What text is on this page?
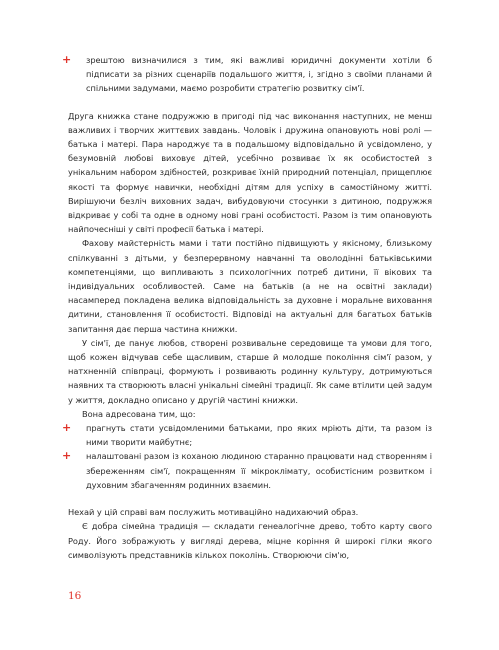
+ зрештою визначилися з тим, які важливі юридичні документи хотіли б підписати за різних сценаріїв подальшого життя, і, згідно з своїми планами й спільними задумами, маємо розробити стратегію розвитку сім'ї.

Друга книжка стане подружжю в пригоді під час виконання наступних, не менш важливих і творчих життєвих завдань. Чоловік і дружина опановують нові ролі — батька і матері. Пара народжує та в подальшому відповідально й усвідомлено, у безумовній любові виховує дітей, усебічно розвиває їх як особистостей з унікальним набором здібностей, розкриває їхній природний потенціал, прищеплює якості та формує навички, необхідні дітям для успіху в самостійному житті. Вирішуючи безліч виховних задач, вибудовуючи стосунки з дитиною, подружжя відкриває у собі та одне в одному нові грані особистості. Разом із тим опановують найпочесніші у світі професії батька і матері.

Фахову майстерність мами і тати постійно підвищують у якісному, близькому спілкуванні з дітьми, у безперервному навчанні та оволодінні батьківськими компетенціями, що випливають з психологічних потреб дитини, її вікових та індивідуальних особливостей. Саме на батьків (а не на освітні заклади) насамперед покладена велика відповідальність за духовне і моральне виховання дитини, становлення її особистості. Відповіді на актуальні для багатьох батьків запитання дає перша частина книжки.

У сім'ї, де панує любов, створені розвивальне середовище та умови для того, щоб кожен відчував себе щасливим, старше й молодше покоління сім'ї разом, у натхненній співпраці, формують і розвивають родинну культуру, дотримуються наявних та створюють власні унікальні сімейні традиції. Як саме втілити цей задум у життя, докладно описано у другій частині книжки.

Вона адресована тим, що:

+ прагнуть стати усвідомленими батьками, про яких мріють діти, та разом із ними творити майбутнє;
+ налаштовані разом із коханою людиною старанно працювати над створенням і збереженням сім'ї, покращенням її мікроклімату, особистісним розвитком і духовним збагаченням родинних взаємин.

Нехай у цій справі вам послужить мотиваційно надихаючий образ.

Є добра сімейна традиція — складати генеалогічне древо, тобто карту свого Роду. Його зображують у вигляді дерева, міцне коріння й широкі гілки якого символізують представників кількох поколінь. Створюючи сім'ю,

16
